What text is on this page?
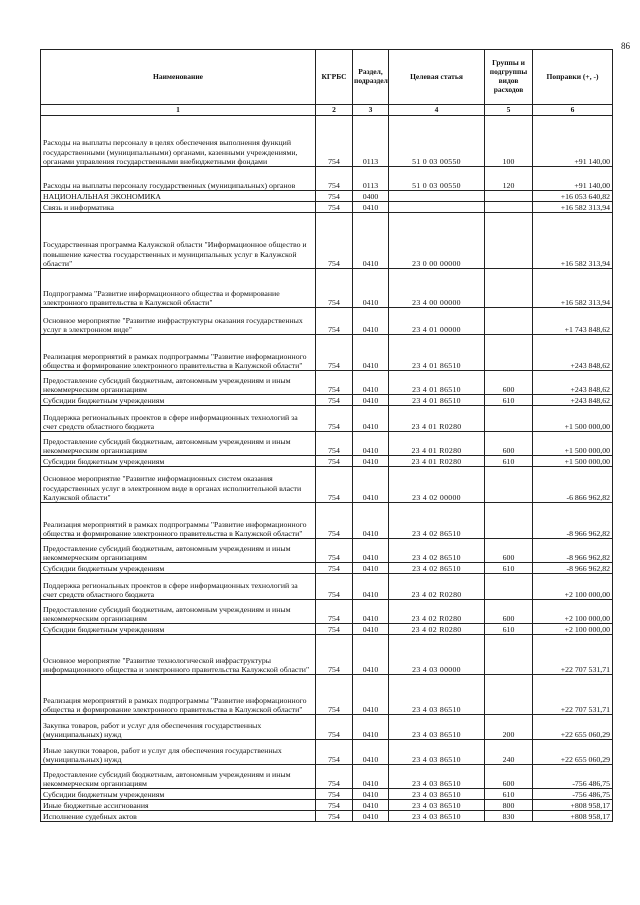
86
Наименование	КГРБС	Раздел, подраздел	Целевая статья	Группы и подгруппы видов расходов	Поправки (+, -)
1	2	3	4	5	6
Расходы на выплаты персоналу в целях обеспечения выполнения функций государственными (муниципальными) органами, казенными учреждениями, органами управления государственными внебюджетными фондами	754	0113	51 0 03 00550	100	+91 140,00
Расходы на выплаты персоналу государственных (муниципальных) органов	754	0113	51 0 03 00550	120	+91 140,00
НАЦИОНАЛЬНАЯ ЭКОНОМИКА	754	0400			+16 053 640,82
Связь и информатика	754	0410			+16 582 313,94
Государственная программа Калужской области "Информационное общество и повышение качества государственных и муниципальных услуг в Калужской области"	754	0410	23 0 00 00000		+16 582 313,94
Подпрограмма "Развитие информационного общества и формирование электронного правительства в Калужской области"	754	0410	23 4 00 00000		+16 582 313,94
Основное мероприятие "Развитие инфраструктуры оказания государственных услуг в электронном виде"	754	0410	23 4 01 00000		+1 743 848,62
Реализация мероприятий в рамках подпрограммы "Развитие информационного общества и формирование электронного правительства в Калужской области"	754	0410	23 4 01 86510		+243 848,62
Предоставление субсидий бюджетным, автономным учреждениям и иным некоммерческим организациям	754	0410	23 4 01 86510	600	+243 848,62
Субсидии бюджетным учреждениям	754	0410	23 4 01 86510	610	+243 848,62
Поддержка региональных проектов в сфере информационных технологий за счет средств областного бюджета	754	0410	23 4 01 R0280		+1 500 000,00
Предоставление субсидий бюджетным, автономным учреждениям и иным некоммерческим организациям	754	0410	23 4 01 R0280	600	+1 500 000,00
Субсидии бюджетным учреждениям	754	0410	23 4 01 R0280	610	+1 500 000,00
Основное мероприятие "Развитие информационных систем оказания государственных услуг в электронном виде в органах исполнительной власти Калужской области"	754	0410	23 4 02 00000		-6 866 962,82
Реализация мероприятий в рамках подпрограммы "Развитие информационного общества и формирование электронного правительства в Калужской области"	754	0410	23 4 02 86510		-8 966 962,82
Предоставление субсидий бюджетным, автономным учреждениям и иным некоммерческим организациям	754	0410	23 4 02 86510	600	-8 966 962,82
Субсидии бюджетным учреждениям	754	0410	23 4 02 86510	610	-8 966 962,82
Поддержка региональных проектов в сфере информационных технологий за счет средств областного бюджета	754	0410	23 4 02 R0280		+2 100 000,00
Предоставление субсидий бюджетным, автономным учреждениям и иным некоммерческим организациям	754	0410	23 4 02 R0280	600	+2 100 000,00
Субсидии бюджетным учреждениям	754	0410	23 4 02 R0280	610	+2 100 000,00
Основное мероприятие "Развитие технологической инфраструктуры информационного общества и электронного правительства Калужской области"	754	0410	23 4 03 00000		+22 707 531,71
Реализация мероприятий в рамках подпрограммы "Развитие информационного общества и формирование электронного правительства в Калужской области"	754	0410	23 4 03 86510		+22 707 531,71
Закупка товаров, работ и услуг для обеспечения государственных (муниципальных) нужд	754	0410	23 4 03 86510	200	+22 655 060,29
Иные закупки товаров, работ и услуг для обеспечения государственных (муниципальных) нужд	754	0410	23 4 03 86510	240	+22 655 060,29
Предоставление субсидий бюджетным, автономным учреждениям и иным некоммерческим организациям	754	0410	23 4 03 86510	600	-756 486,75
Субсидии бюджетным учреждениям	754	0410	23 4 03 86510	610	-756 486,75
Иные бюджетные ассигнования	754	0410	23 4 03 86510	800	+808 958,17
Исполнение судебных актов	754	0410	23 4 03 86510	830	+808 958,17
